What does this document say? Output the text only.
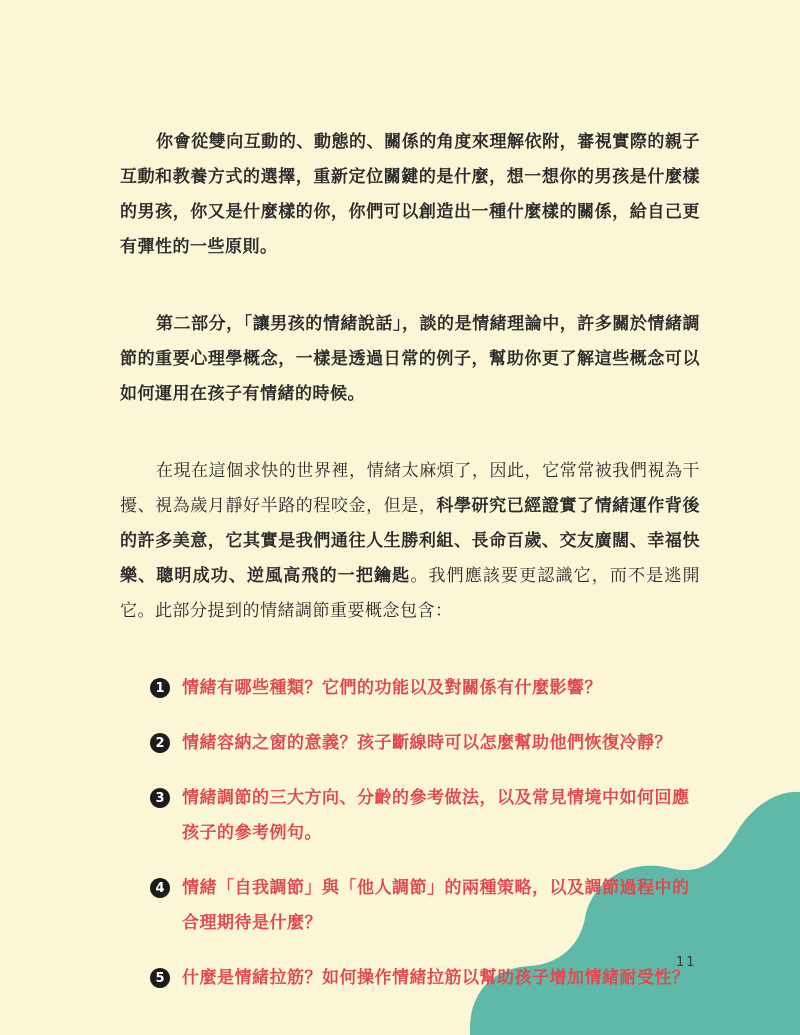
你會從雙向互動的、動態的、關係的角度來理解依附，審視實際的親子互動和教養方式的選擇，重新定位關鍵的是什麼，想一想你的男孩是什麼樣的男孩，你又是什麼樣的你，你們可以創造出一種什麼樣的關係，給自己更有彈性的一些原則。

第二部分，「讓男孩的情緒說話」，談的是情緒理論中，許多關於情緒調節的重要心理學概念，一樣是透過日常的例子，幫助你更了解這些概念可以如何運用在孩子有情緒的時候。

在現在這個求快的世界裡，情緒太麻煩了，因此，它常常被我們視為干擾、視為歲月靜好半路的程咬金，但是，科學研究已經證實了情緒運作背後的許多美意，它其實是我們通往人生勝利組、長命百歲、交友廣闊、幸福快樂、聰明成功、逆風高飛的一把鑰匙。我們應該要更認識它，而不是逃開它。此部分提到的情緒調節重要概念包含：

1	情緒有哪些種類？它們的功能以及對關係有什麼影響？
2	情緒容納之窗的意義？孩子斷線時可以怎麼幫助他們恢復冷靜？
3	情緒調節的三大方向、分齡的參考做法，以及常見情境中如何回應孩子的參考例句。
4	情緒「自我調節」與「他人調節」的兩種策略，以及調節過程中的合理期待是什麼？
5	什麼是情緒拉筋？如何操作情緒拉筋以幫助孩子增加情緒耐受性？
11
